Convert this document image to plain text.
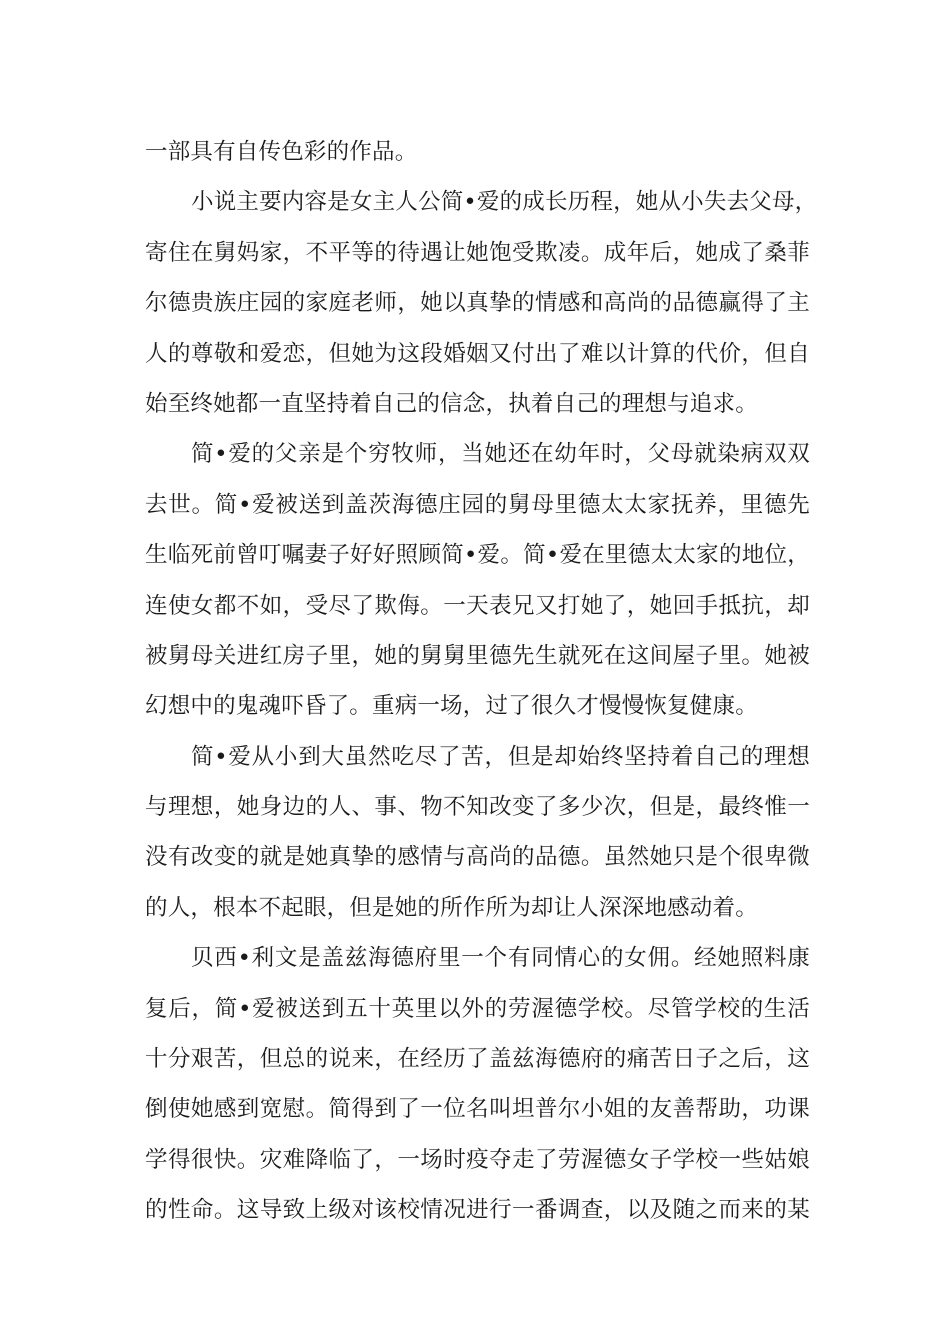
一部具有自传色彩的作品。
小说主要内容是女主人公简•爱的成长历程，她从小失去父母，
寄住在舅妈家，不平等的待遇让她饱受欺凌。成年后，她成了桑菲
尔德贵族庄园的家庭老师，她以真挚的情感和高尚的品德赢得了主
人的尊敬和爱恋，但她为这段婚姻又付出了难以计算的代价，但自
始至终她都一直坚持着自己的信念，执着自己的理想与追求。
简•爱的父亲是个穷牧师，当她还在幼年时，父母就染病双双
去世。简•爱被送到盖茨海德庄园的舅母里德太太家抚养，里德先
生临死前曾叮嘱妻子好好照顾简•爱。简•爱在里德太太家的地位，
连使女都不如，受尽了欺侮。一天表兄又打她了，她回手抵抗，却
被舅母关进红房子里，她的舅舅里德先生就死在这间屋子里。她被
幻想中的鬼魂吓昏了。重病一场，过了很久才慢慢恢复健康。
简•爱从小到大虽然吃尽了苦，但是却始终坚持着自己的理想
与理想，她身边的人、事、物不知改变了多少次，但是，最终惟一
没有改变的就是她真挚的感情与高尚的品德。虽然她只是个很卑微
的人，根本不起眼，但是她的所作所为却让人深深地感动着。
贝西•利文是盖兹海德府里一个有同情心的女佣。经她照料康
复后，简•爱被送到五十英里以外的劳渥德学校。尽管学校的生活
十分艰苦，但总的说来，在经历了盖兹海德府的痛苦日子之后，这
倒使她感到宽慰。简得到了一位名叫坦普尔小姐的友善帮助，功课
学得很快。灾难降临了，一场时疫夺走了劳渥德女子学校一些姑娘
的性命。这导致上级对该校情况进行一番调查，以及随之而来的某
